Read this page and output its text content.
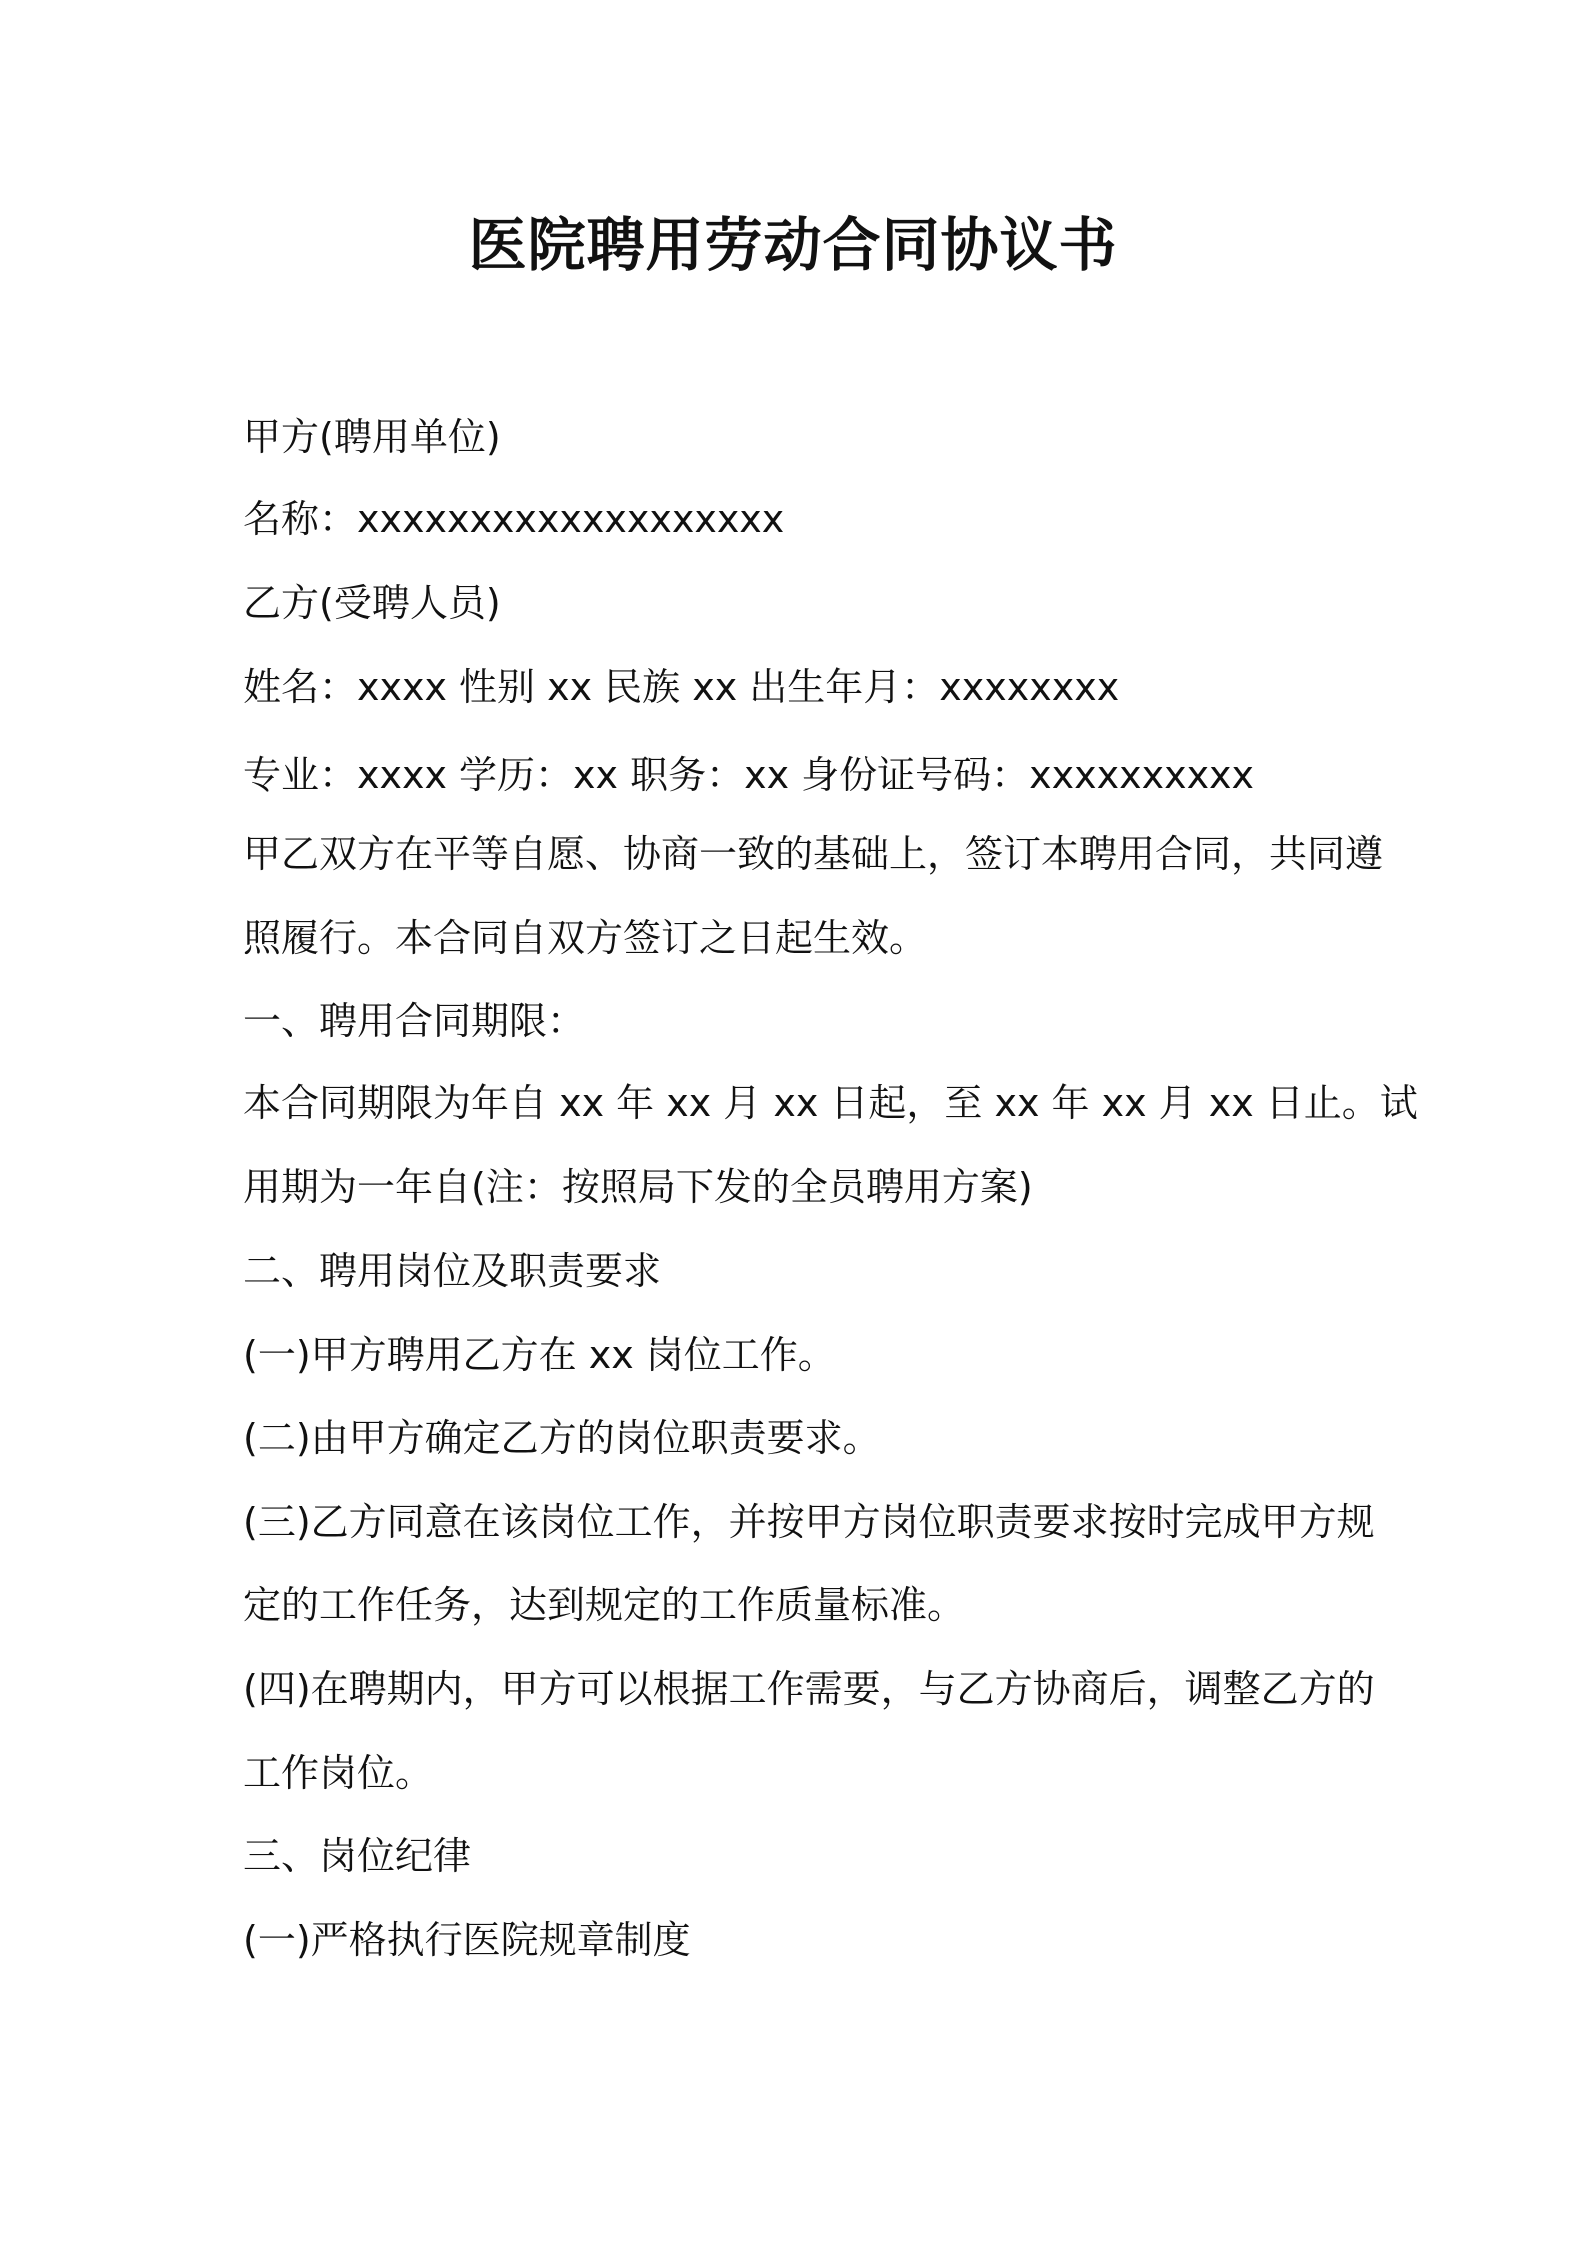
医院聘用劳动合同协议书

甲方(聘用单位)

名称：xxxxxxxxxxxxxxxxxxx

乙方(受聘人员)

姓名：xxxx 性别 xx 民族 xx 出生年月：xxxxxxxx

专业：xxxx 学历：xx 职务：xx 身份证号码：xxxxxxxxxx

甲乙双方在平等自愿、协商一致的基础上，签订本聘用合同，共同遵

照履行。本合同自双方签订之日起生效。

一、聘用合同期限：

本合同期限为年自 xx 年 xx 月 xx 日起，至 xx 年 xx 月 xx 日止。试

用期为一年自(注：按照局下发的全员聘用方案)

二、聘用岗位及职责要求

(一)甲方聘用乙方在 xx 岗位工作。

(二)由甲方确定乙方的岗位职责要求。

(三)乙方同意在该岗位工作，并按甲方岗位职责要求按时完成甲方规

定的工作任务，达到规定的工作质量标准。

(四)在聘期内，甲方可以根据工作需要，与乙方协商后，调整乙方的

工作岗位。

三、岗位纪律

(一)严格执行医院规章制度
